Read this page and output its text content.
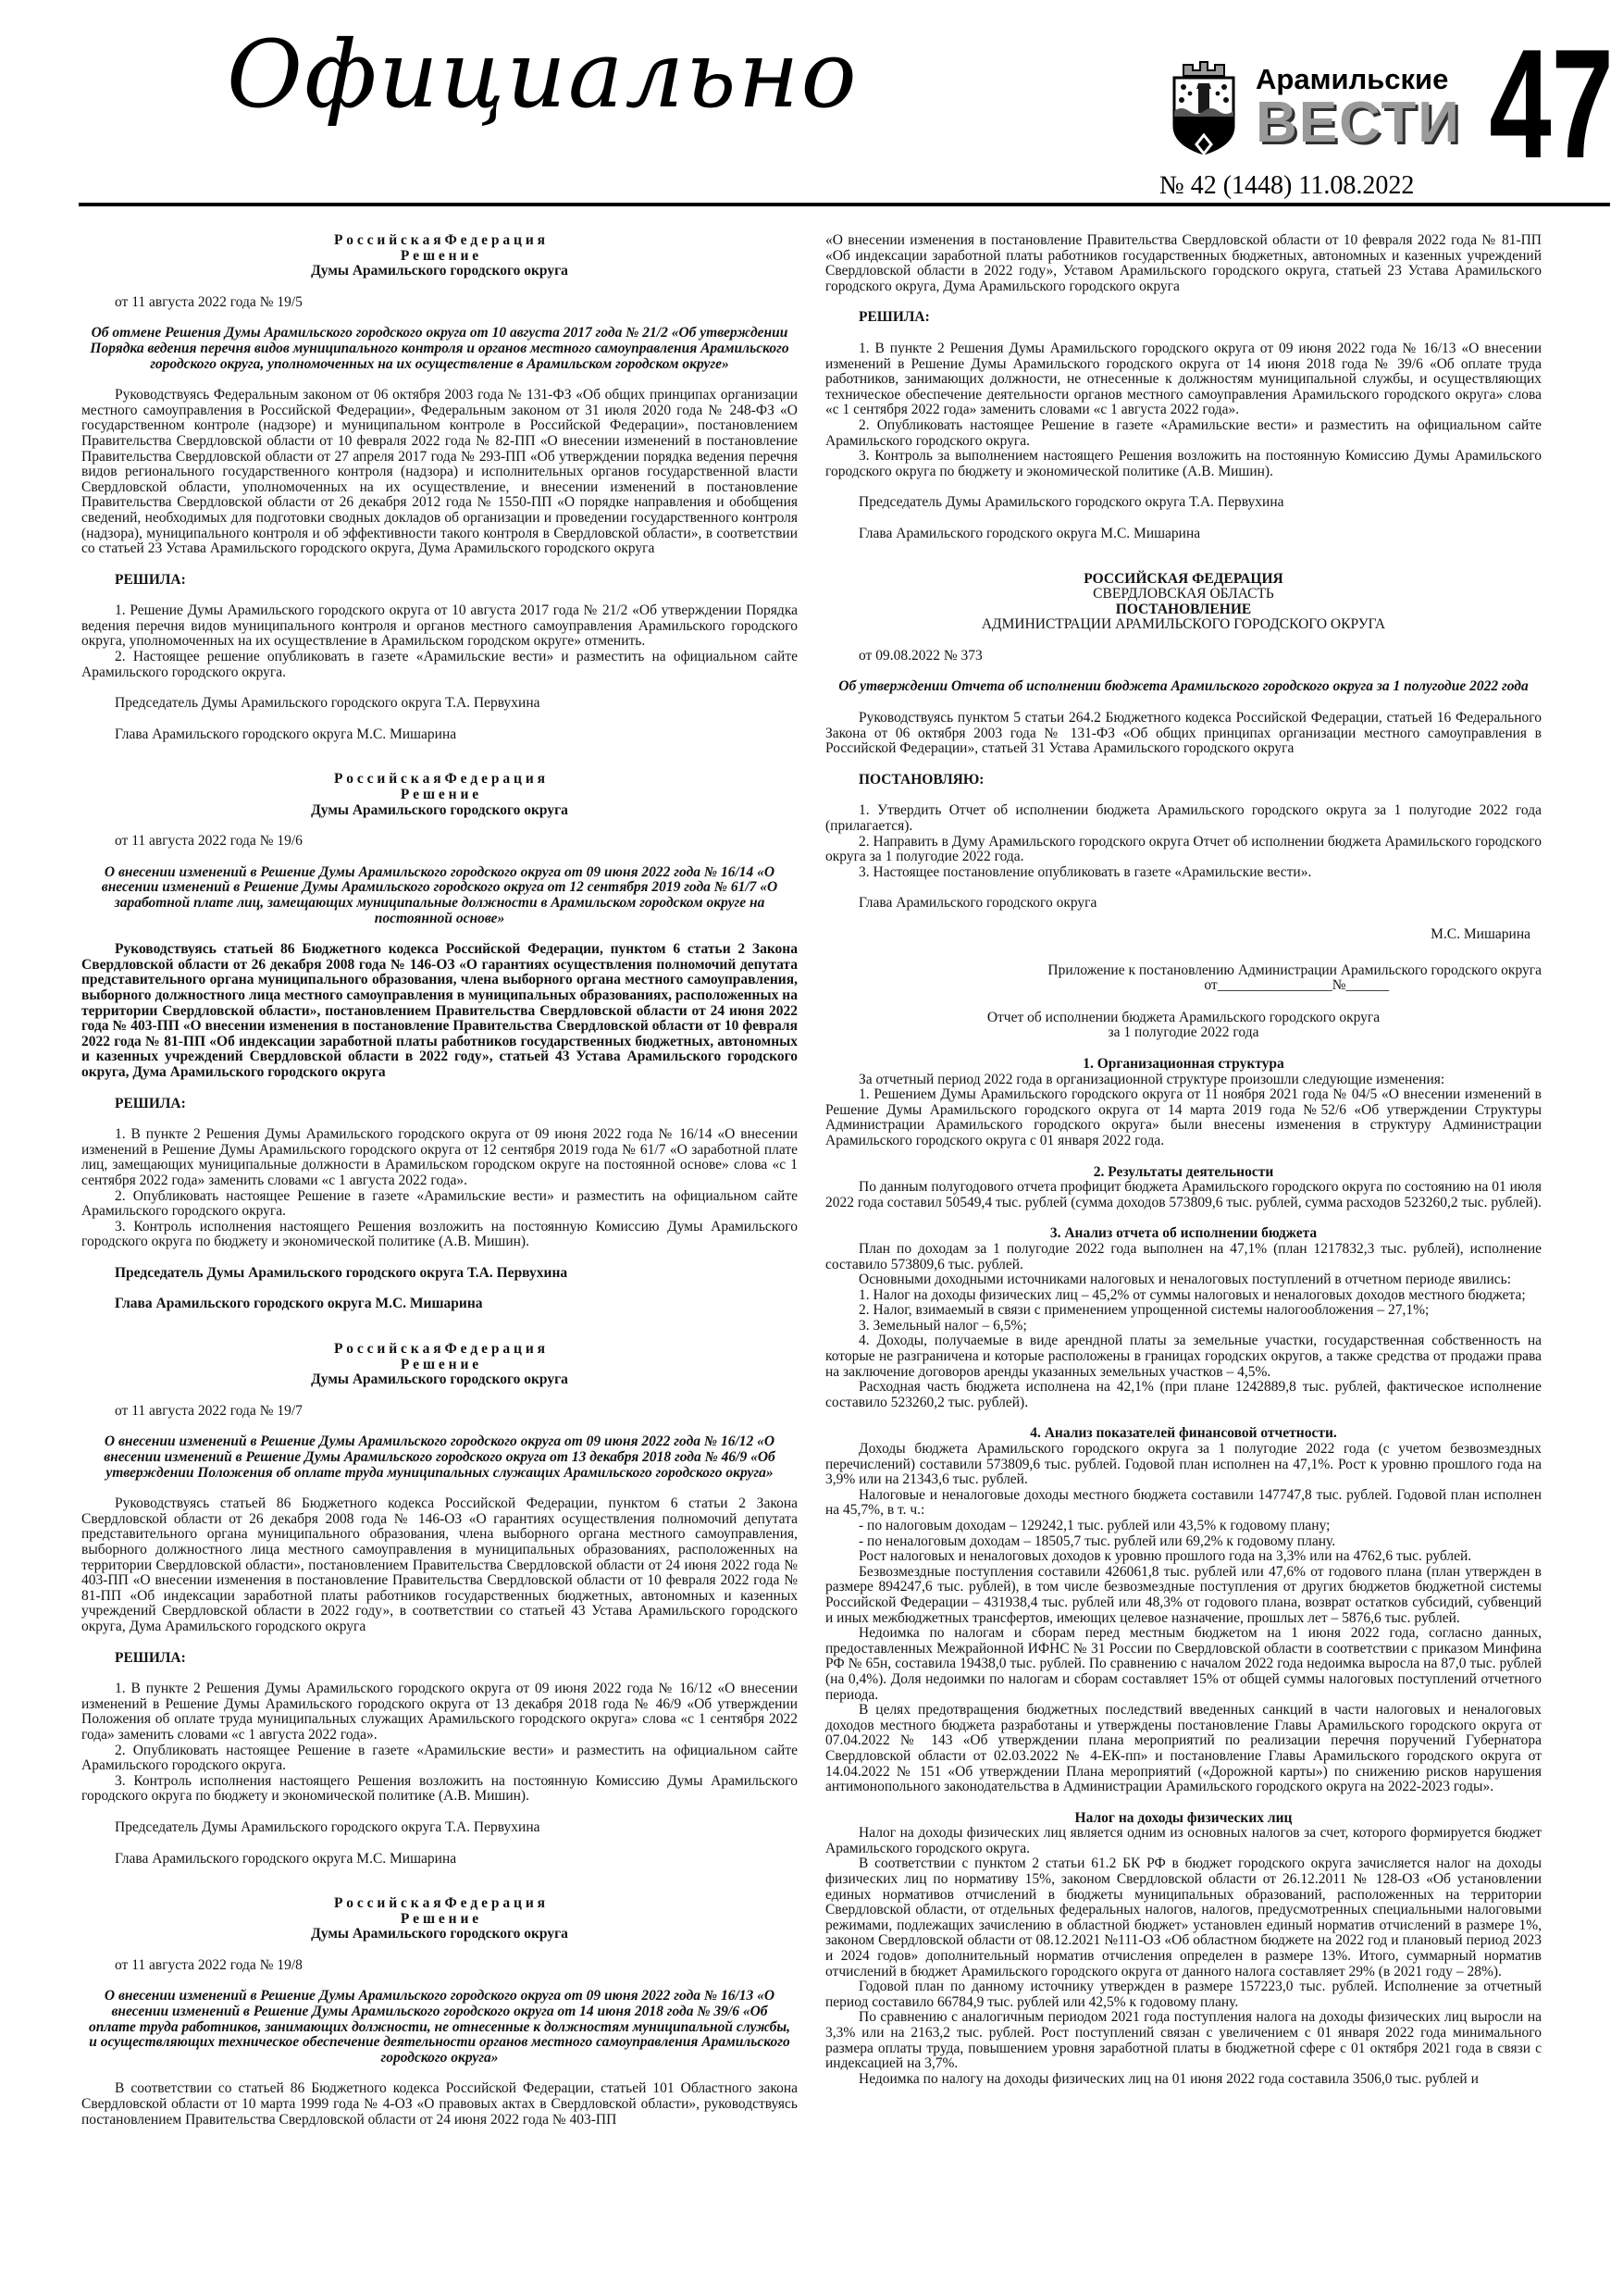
Официально	Арамильские
ВЕСТИ
№ 42 (1448) 11.08.2022 47
Р о с с и й с к а я Ф е д е р а ц и я
Р е ш е н и е
Думы Арамильского городского округа
от 11 августа 2022 года № 19/5
Об отмене Решения Думы Арамильского городского округа от 10 августа 2017 года № 21/2 «Об утверждении Порядка ведения перечня видов муниципального контроля и органов местного самоуправления Арамильского городского округа, уполномоченных на их осуществление в Арамильском городском округе»
Руководствуясь Федеральным законом от 06 октября 2003 года № 131-ФЗ «Об общих принципах организации местного самоуправления в Российской Федерации», Федеральным законом от 31 июля 2020 года № 248-ФЗ «О государственном контроле (надзоре) и муниципальном контроле в Российской Федерации», постановлением Правительства Свердловской области от 10 февраля 2022 года № 82-ПП «О внесении изменений в постановление Правительства Свердловской области от 27 апреля 2017 года № 293-ПП «Об утверждении порядка ведения перечня видов регионального государственного контроля (надзора) и исполнительных органов государственной власти Свердловской области, уполномоченных на их осуществление, и внесении изменений в постановление Правительства Свердловской области от 26 декабря 2012 года № 1550-ПП «О порядке направления и обобщения сведений, необходимых для подготовки сводных докладов об организации и проведении государственного контроля (надзора), муниципального контроля и об эффективности такого контроля в Свердловской области», в соответствии со статьей 23 Устава Арамильского городского округа, Дума Арамильского городского округа
РЕШИЛА:
1. Решение Думы Арамильского городского округа от 10 августа 2017 года № 21/2 «Об утверждении Порядка ведения перечня видов муниципального контроля и органов местного самоуправления Арамильского городского округа, уполномоченных на их осуществление в Арамильском городском округе» отменить.
2. Настоящее решение опубликовать в газете «Арамильские вести» и разместить на официальном сайте Арамильского городского округа.
Председатель Думы Арамильского городского округа Т.А. Первухина
Глава Арамильского городского округа М.С. Мишарина
Р о с с и й с к а я Ф е д е р а ц и я
Р е ш е н и е
Думы Арамильского городского округа
от 11 августа 2022 года № 19/6
О внесении изменений в Решение Думы Арамильского городского округа от 09 июня 2022 года № 16/14 «О внесении изменений в Решение Думы Арамильского городского округа от 12 сентября 2019 года № 61/7 «О заработной плате лиц, замещающих муниципальные должности в Арамильском городском округе на постоянной основе»
Руководствуясь статьей 86 Бюджетного кодекса Российской Федерации, пунктом 6 статьи 2 Закона Свердловской области от 26 декабря 2008 года № 146-ОЗ «О гарантиях осуществления полномочий депутата представительного органа муниципального образования, члена выборного органа местного самоуправления, выборного должностного лица местного самоуправления в муниципальных образованиях, расположенных на территории Свердловской области», постановлением Правительства Свердловской области от 24 июня 2022 года № 403-ПП «О внесении изменения в постановление Правительства Свердловской области от 10 февраля 2022 года № 81-ПП «Об индексации заработной платы работников государственных бюджетных, автономных и казенных учреждений Свердловской области в 2022 году», статьей 43 Устава Арамильского городского округа, Дума Арамильского городского округа
РЕШИЛА:
1. В пункте 2 Решения Думы Арамильского городского округа от 09 июня 2022 года № 16/14 «О внесении изменений в Решение Думы Арамильского городского округа от 12 сентября 2019 года № 61/7 «О заработной плате лиц, замещающих муниципальные должности в Арамильском городском округе на постоянной основе» слова «с 1 сентября 2022 года» заменить словами «с 1 августа 2022 года».
2. Опубликовать настоящее Решение в газете «Арамильские вести» и разместить на официальном сайте Арамильского городского округа.
3. Контроль исполнения настоящего Решения возложить на постоянную Комиссию Думы Арамильского городского округа по бюджету и экономической политике (А.В. Мишин).
Председатель Думы Арамильского городского округа Т.А. Первухина
Глава Арамильского городского округа М.С. Мишарина
Р о с с и й с к а я Ф е д е р а ц и я
Р е ш е н и е
Думы Арамильского городского округа
от 11 августа 2022 года № 19/7
О внесении изменений в Решение Думы Арамильского городского округа от 09 июня 2022 года № 16/12 «О внесении изменений в Решение Думы Арамильского городского округа от 13 декабря 2018 года № 46/9 «Об утверждении Положения об оплате труда муниципальных служащих Арамильского городского округа»
Руководствуясь статьей 86 Бюджетного кодекса Российской Федерации, пунктом 6 статьи 2 Закона Свердловской области от 26 декабря 2008 года № 146-ОЗ «О гарантиях осуществления полномочий депутата представительного органа муниципального образования, члена выборного органа местного самоуправления, выборного должностного лица местного самоуправления в муниципальных образованиях, расположенных на территории Свердловской области», постановлением Правительства Свердловской области от 24 июня 2022 года № 403-ПП «О внесении изменения в постановление Правительства Свердловской области от 10 февраля 2022 года № 81-ПП «Об индексации заработной платы работников государственных бюджетных, автономных и казенных учреждений Свердловской области в 2022 году», в соответствии со статьей 43 Устава Арамильского городского округа, Дума Арамильского городского округа
РЕШИЛА:
1. В пункте 2 Решения Думы Арамильского городского округа от 09 июня 2022 года № 16/12 «О внесении изменений в Решение Думы Арамильского городского округа от 13 декабря 2018 года № 46/9 «Об утверждении Положения об оплате труда муниципальных служащих Арамильского городского округа» слова «с 1 сентября 2022 года» заменить словами «с 1 августа 2022 года».
2. Опубликовать настоящее Решение в газете «Арамильские вести» и разместить на официальном сайте Арамильского городского округа.
3. Контроль исполнения настоящего Решения возложить на постоянную Комиссию Думы Арамильского городского округа по бюджету и экономической политике (А.В. Мишин).
Председатель Думы Арамильского городского округа Т.А. Первухина
Глава Арамильского городского округа М.С. Мишарина
Р о с с и й с к а я Ф е д е р а ц и я
Р е ш е н и е
Думы Арамильского городского округа
от 11 августа 2022 года № 19/8
О внесении изменений в Решение Думы Арамильского городского округа от 09 июня 2022 года № 16/13 «О внесении изменений в Решение Думы Арамильского городского округа от 14 июня 2018 года № 39/6 «Об оплате труда работников, занимающих должности, не отнесенные к должностям муниципальной службы, и осуществляющих техническое обеспечение деятельности органов местного самоуправления Арамильского городского округа»
В соответствии со статьей 86 Бюджетного кодекса Российской Федерации, статьей 101 Областного закона Свердловской области от 10 марта 1999 года № 4-ОЗ «О правовых актах в Свердловской области», руководствуясь постановлением Правительства Свердловской области от 24 июня 2022 года № 403-ПП
«О внесении изменения в постановление Правительства Свердловской области от 10 февраля 2022 года № 81-ПП «Об индексации заработной платы работников государственных бюджетных, автономных и казенных учреждений Свердловской области в 2022 году», Уставом Арамильского городского округа, статьей 23 Устава Арамильского городского округа, Дума Арамильского городского округа
РЕШИЛА:
1. В пункте 2 Решения Думы Арамильского городского округа от 09 июня 2022 года № 16/13 «О внесении изменений в Решение Думы Арамильского городского округа от 14 июня 2018 года № 39/6 «Об оплате труда работников, занимающих должности, не отнесенные к должностям муниципальной службы, и осуществляющих техническое обеспечение деятельности органов местного самоуправления Арамильского городского округа» слова «с 1 сентября 2022 года» заменить словами «с 1 августа 2022 года».
2. Опубликовать настоящее Решение в газете «Арамильские вести» и разместить на официальном сайте Арамильского городского округа.
3. Контроль за выполнением настоящего Решения возложить на постоянную Комиссию Думы Арамильского городского округа по бюджету и экономической политике (А.В. Мишин).
Председатель Думы Арамильского городского округа Т.А. Первухина
Глава Арамильского городского округа М.С. Мишарина
РОССИЙСКАЯ ФЕДЕРАЦИЯ
СВЕРДЛОВСКАЯ ОБЛАСТЬ
ПОСТАНОВЛЕНИЕ
АДМИНИСТРАЦИИ АРАМИЛЬСКОГО ГОРОДСКОГО ОКРУГА
от 09.08.2022 № 373
Об утверждении Отчета об исполнении бюджета Арамильского городского округа за 1 полугодие 2022 года
Руководствуясь пунктом 5 статьи 264.2 Бюджетного кодекса Российской Федерации, статьей 16 Федерального Закона от 06 октября 2003 года № 131-ФЗ «Об общих принципах организации местного самоуправления в Российской Федерации», статьей 31 Устава Арамильского городского округа
ПОСТАНОВЛЯЮ:
1. Утвердить Отчет об исполнении бюджета Арамильского городского округа за 1 полугодие 2022 года (прилагается).
2. Направить в Думу Арамильского городского округа Отчет об исполнении бюджета Арамильского городского округа за 1 полугодие 2022 года.
3. Настоящее постановление опубликовать в газете «Арамильские вести».
Глава Арамильского городского округа
М.С. Мишарина
Приложение к постановлению Администрации Арамильского городского округа
от________________№______
Отчет об исполнении бюджета Арамильского городского округа
за 1 полугодие 2022 года
1. Организационная структура
За отчетный период 2022 года в организационной структуре произошли следующие изменения:
1. Решением Думы Арамильского городского округа от 11 ноября 2021 года № 04/5 «О внесении изменений в Решение Думы Арамильского городского округа от 14 марта 2019 года №52/6 «Об утверждении Структуры Администрации Арамильского городского округа» были внесены изменения в структуру Администрации Арамильского городского округа с 01 января 2022 года.
2. Результаты деятельности
По данным полугодового отчета профицит бюджета Арамильского городского округа по состоянию на 01 июля 2022 года составил 50549,4 тыс. рублей (сумма доходов 573809,6 тыс. рублей, сумма расходов 523260,2 тыс. рублей).
3. Анализ отчета об исполнении бюджета
План по доходам за 1 полугодие 2022 года выполнен на 47,1% (план 1217832,3 тыс. рублей), исполнение составило 573809,6 тыс. рублей.
Основными доходными источниками налоговых и неналоговых поступлений в отчетном периоде явились:
1. Налог на доходы физических лиц – 45,2% от суммы налоговых и неналоговых доходов местного бюджета;
2. Налог, взимаемый в связи с применением упрощенной системы налогообложения – 27,1%;
3. Земельный налог – 6,5%;
4. Доходы, получаемые в виде арендной платы за земельные участки, государственная собственность на которые не разграничена и которые расположены в границах городских округов, а также средства от продажи права на заключение договоров аренды указанных земельных участков – 4,5%.
Расходная часть бюджета исполнена на 42,1% (при плане 1242889,8 тыс. рублей, фактическое исполнение составило 523260,2 тыс. рублей).
4. Анализ показателей финансовой отчетности.
Доходы бюджета Арамильского городского округа за 1 полугодие 2022 года (с учетом безвозмездных перечислений) составили 573809,6 тыс. рублей. Годовой план исполнен на 47,1%. Рост к уровню прошлого года на 3,9% или на 21343,6 тыс. рублей.
Налоговые и неналоговые доходы местного бюджета составили 147747,8 тыс. рублей. Годовой план исполнен на 45,7%, в т. ч.:
- по налоговым доходам – 129242,1 тыс. рублей или 43,5% к годовому плану;
- по неналоговым доходам – 18505,7 тыс. рублей или 69,2% к годовому плану.
Рост налоговых и неналоговых доходов к уровню прошлого года на 3,3% или на 4762,6 тыс. рублей.
Безвозмездные поступления составили 426061,8 тыс. рублей или 47,6% от годового плана (план утвержден в размере 894247,6 тыс. рублей), в том числе безвозмездные поступления от других бюджетов бюджетной системы Российской Федерации – 431938,4 тыс. рублей или 48,3% от годового плана, возврат остатков субсидий, субвенций и иных межбюджетных трансфертов, имеющих целевое назначение, прошлых лет – 5876,6 тыс. рублей.
Недоимка по налогам и сборам перед местным бюджетом на 1 июня 2022 года, согласно данных, предоставленных Межрайонной ИФНС № 31 России по Свердловской области в соответствии с приказом Минфина РФ № 65н, составила 19438,0 тыс. рублей. По сравнению с началом 2022 года недоимка выросла на 87,0 тыс. рублей (на 0,4%). Доля недоимки по налогам и сборам составляет 15% от общей суммы налоговых поступлений отчетного периода.
В целях предотвращения бюджетных последствий введенных санкций в части налоговых и неналоговых доходов местного бюджета разработаны и утверждены постановление Главы Арамильского городского округа от 07.04.2022 № 143 «Об утверждении плана мероприятий по реализации перечня поручений Губернатора Свердловской области от 02.03.2022 № 4-ЕК-пп» и постановление Главы Арамильского городского округа от 14.04.2022 № 151 «Об утверждении Плана мероприятий («Дорожной карты») по снижению рисков нарушения антимонопольного законодательства в Администрации Арамильского городского округа на 2022-2023 годы».
Налог на доходы физических лиц
Налог на доходы физических лиц является одним из основных налогов за счет, которого формируется бюджет Арамильского городского округа.
В соответствии с пунктом 2 статьи 61.2 БК РФ в бюджет городского округа зачисляется налог на доходы физических лиц по нормативу 15%, законом Свердловской области от 26.12.2011 № 128-ОЗ «Об установлении единых нормативов отчислений в бюджеты муниципальных образований, расположенных на территории Свердловской области, от отдельных федеральных налогов, налогов, предусмотренных специальными налоговыми режимами, подлежащих зачислению в областной бюджет» установлен единый норматив отчислений в размере 1%, законом Свердловской области от 08.12.2021 №111-ОЗ «Об областном бюджете на 2022 год и плановый период 2023 и 2024 годов» дополнительный норматив отчисления определен в размере 13%. Итого, суммарный норматив отчислений в бюджет Арамильского городского округа от данного налога составляет 29% (в 2021 году – 28%).
Годовой план по данному источнику утвержден в размере 157223,0 тыс. рублей. Исполнение за отчетный период составило 66784,9 тыс. рублей или 42,5% к годовому плану.
По сравнению с аналогичным периодом 2021 года поступления налога на доходы физических лиц выросли на 3,3% или на 2163,2 тыс. рублей. Рост поступлений связан с увеличением с 01 января 2022 года минимального размера оплаты труда, повышением уровня заработной платы в бюджетной сфере с 01 октября 2021 года в связи с индексацией на 3,7%.
Недоимка по налогу на доходы физических лиц на 01 июня 2022 года составила 3506,0 тыс. рублей и
